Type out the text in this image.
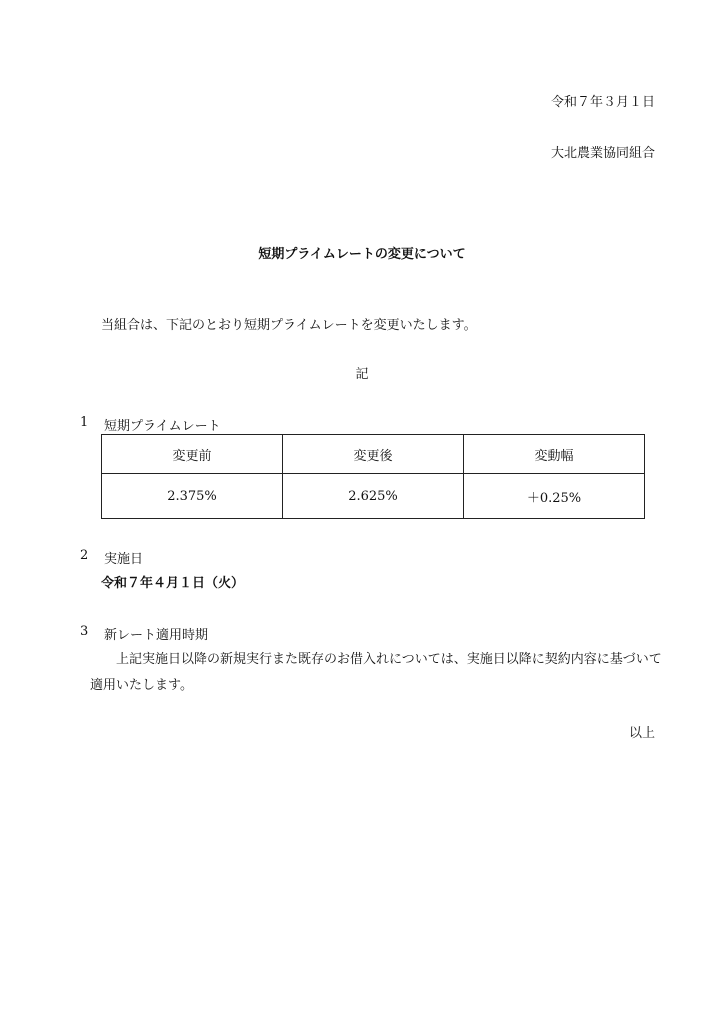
令和７年３月１日
大北農業協同組合
短期プライムレートの変更について
当組合は、下記のとおり短期プライムレートを変更いたします。
記
1 短期プライムレート
変更前	変更後	変動幅
2.375%	2.625%	＋0.25%
2 実施日
令和７年４月１日（火）
3 新レート適用時期
上記実施日以降の新規実行また既存のお借入れについては、実施日以降に契約内容に基づいて
適用いたします。
以上
